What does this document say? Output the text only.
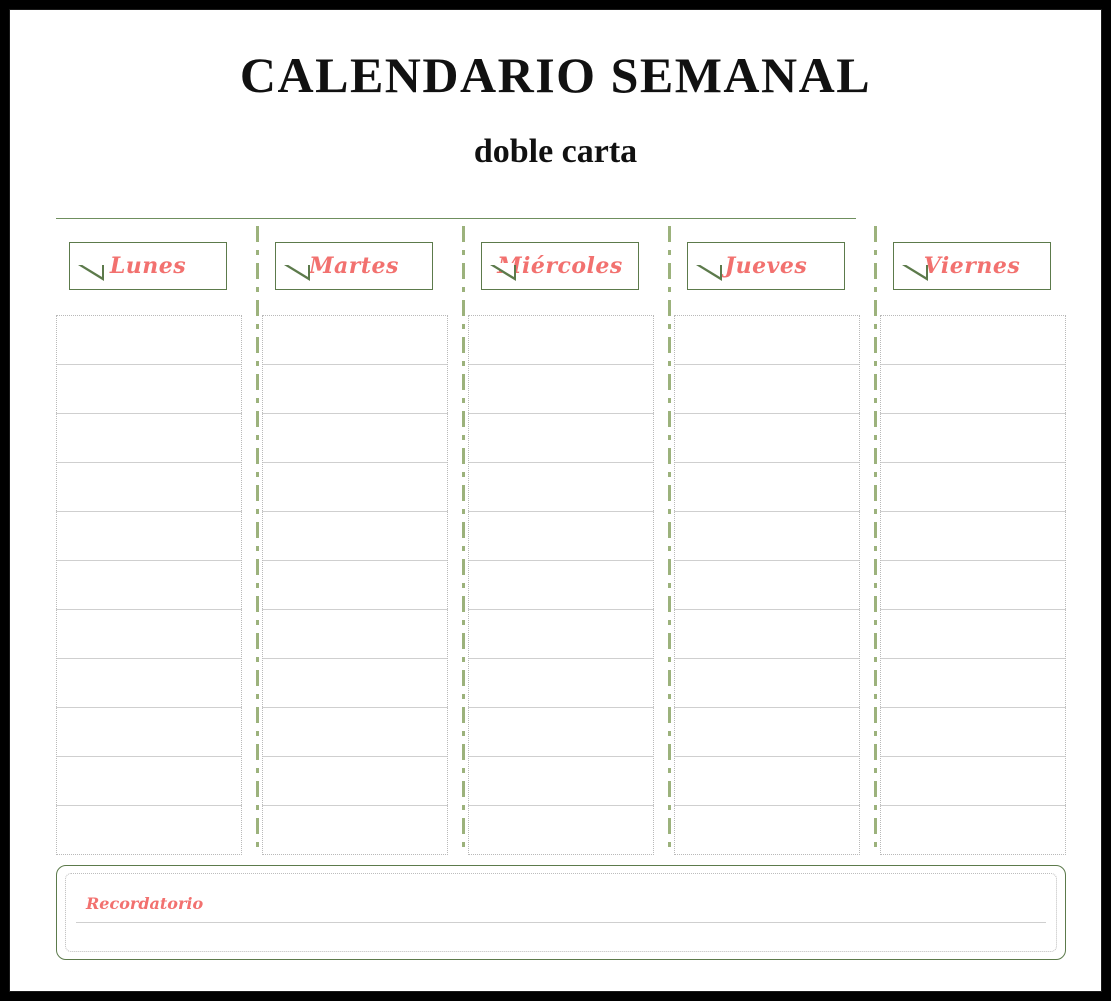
CALENDARIO SEMANAL
doble carta
Lunes	Martes	Miércoles	Jueves	Viernes
Recordatorio
